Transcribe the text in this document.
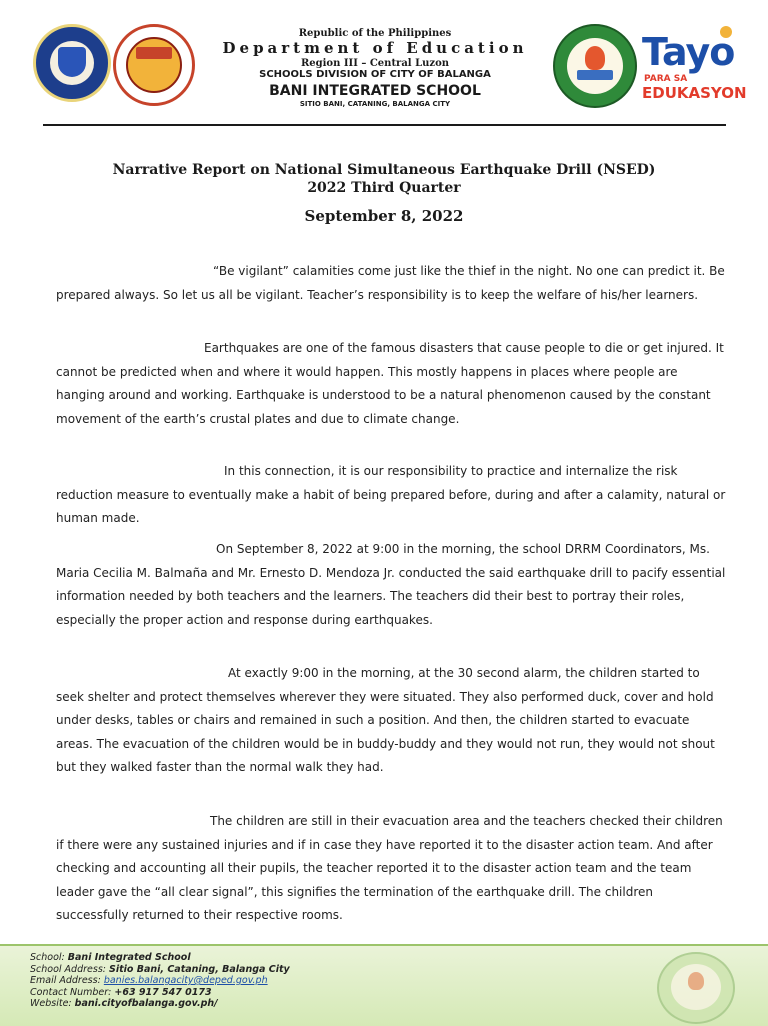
Republic of the Philippines
Department of Education
Region III – Central Luzon
SCHOOLS DIVISION OF CITY OF BALANGA
BANI INTEGRATED SCHOOL
SITIO BANI, CATANING, BALANGA CITY
Tayo
PARA SA
EDUKASYON
Narrative Report on National Simultaneous Earthquake Drill (NSED)
2022 Third Quarter
September 8, 2022

“Be vigilant” calamities come just like the thief in the night. No one can predict it. Be prepared always. So let us all be vigilant. Teacher’s responsibility is to keep the welfare of his/her learners.

Earthquakes are one of the famous disasters that cause people to die or get injured. It cannot be predicted when and where it would happen. This mostly happens in places where people are hanging around and working. Earthquake is understood to be a natural phenomenon caused by the constant movement of the earth’s crustal plates and due to climate change.

In this connection, it is our responsibility to practice and internalize the risk reduction measure to eventually make a habit of being prepared before, during and after a calamity, natural or human made.

On September 8, 2022 at 9:00 in the morning, the school DRRM Coordinators, Ms. Maria Cecilia M. Balmaña and Mr. Ernesto D. Mendoza Jr. conducted the said earthquake drill to pacify essential information needed by both teachers and the learners. The teachers did their best to portray their roles, especially the proper action and response during earthquakes.

At exactly 9:00 in the morning, at the 30 second alarm, the children started to seek shelter and protect themselves wherever they were situated. They also performed duck, cover and hold under desks, tables or chairs and remained in such a position. And then, the children started to evacuate areas. The evacuation of the children would be in buddy-buddy and they would not run, they would not shout but they walked faster than the normal walk they had.

The children are still in their evacuation area and the teachers checked their children if there were any sustained injuries and if in case they have reported it to the disaster action team. And after checking and accounting all their pupils, the teacher reported it to the disaster action team and the team leader gave the “all clear signal”, this signifies the termination of the earthquake drill. The children successfully returned to their respective rooms.

School: Bani Integrated School
School Address: Sitio Bani, Cataning, Balanga City
Email Address: banies.balangacity@deped.gov.ph
Contact Number: +63 917 547 0173
Website: bani.cityofbalanga.gov.ph/
